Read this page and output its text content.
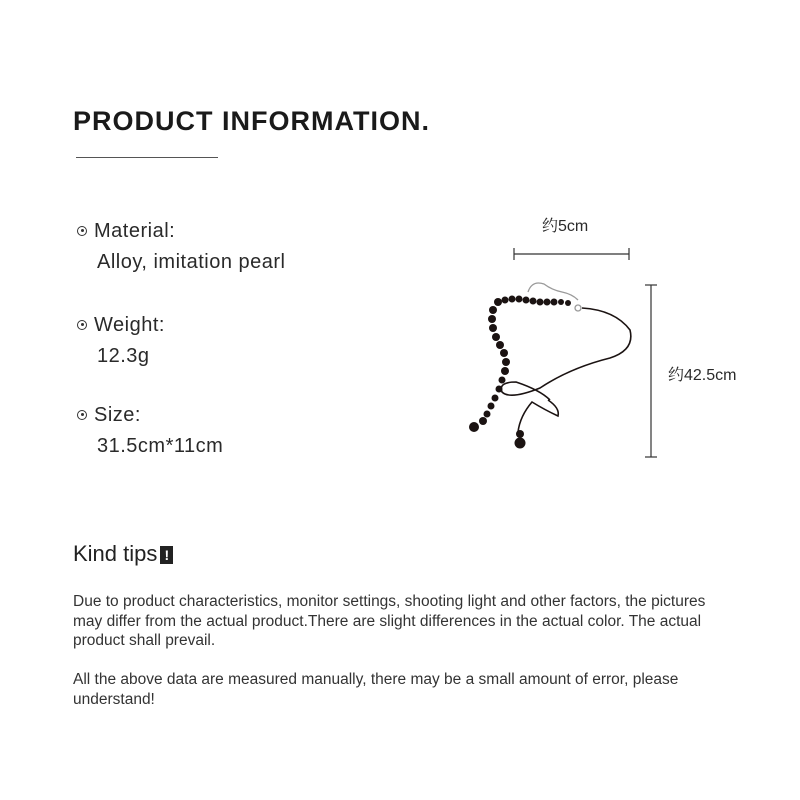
PRODUCT INFORMATION.
Material:
Alloy, imitation pearl
Weight:
12.3g
Size:
31.5cm*11cm
约5cm
约42.5cm
Kind tips !

Due to product characteristics, monitor settings, shooting light and other factors, the pictures may differ from the actual product.There are slight differences in the actual color. The actual product shall prevail.

All the above data are measured manually, there may be a small amount of error, please understand!
